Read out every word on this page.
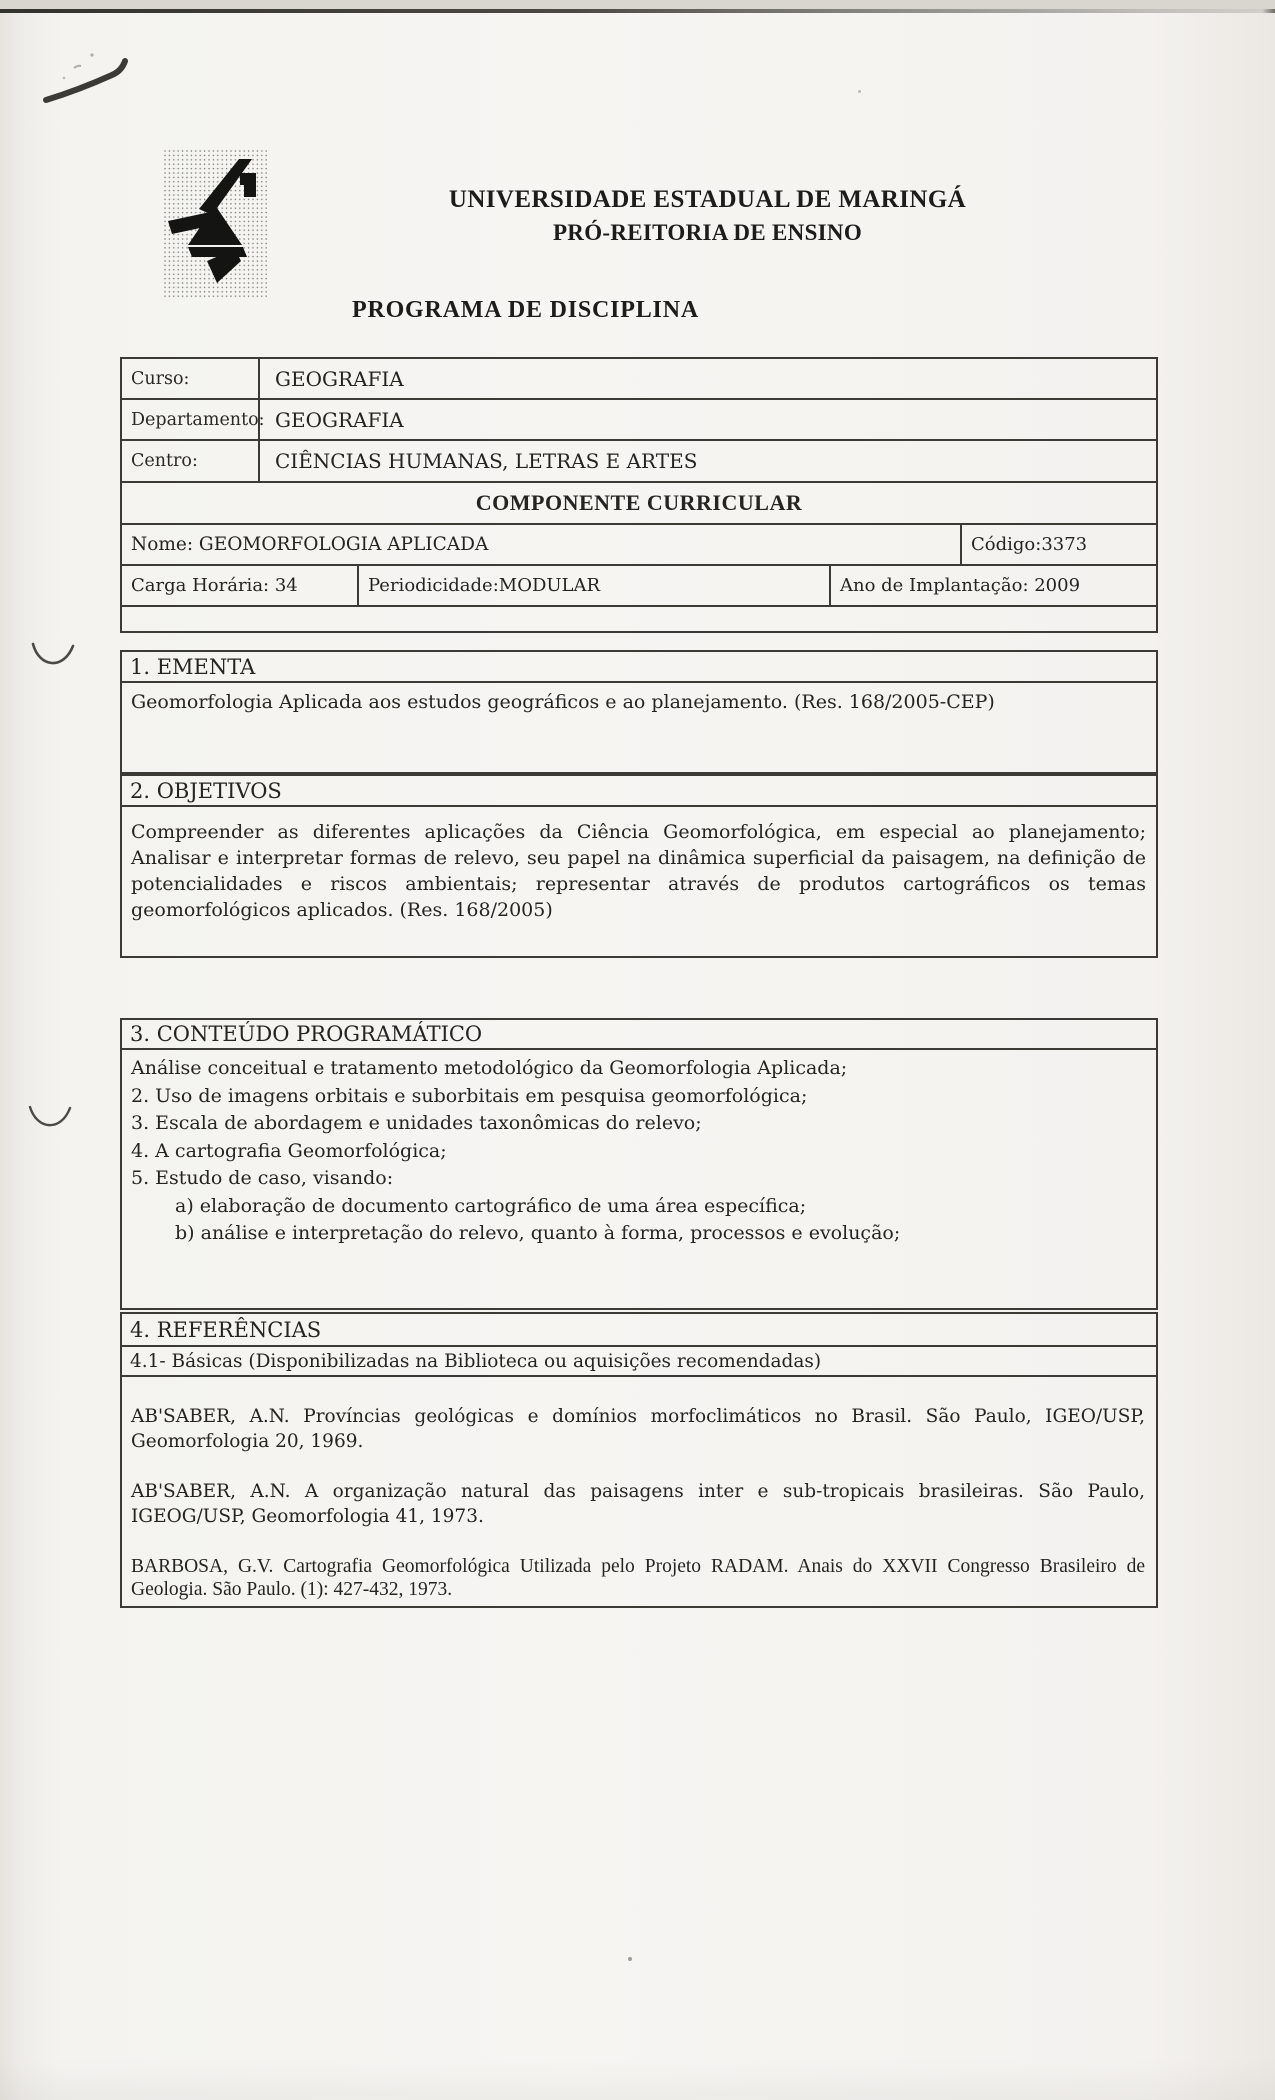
UNIVERSIDADE ESTADUAL DE MARINGÁ
PRÓ-REITORIA DE ENSINO
PROGRAMA DE DISCIPLINA
Curso:	GEOGRAFIA
Departamento: GEOGRAFIA
Centro:	CIÊNCIAS HUMANAS, LETRAS E ARTES
COMPONENTE CURRICULAR
Nome: GEOMORFOLOGIA APLICADA	Código:3373
Carga Horária: 34	Periodicidade:MODULAR	Ano de Implantação: 2009
1. EMENTA
Geomorfologia Aplicada aos estudos geográficos e ao planejamento. (Res. 168/2005-CEP)
2. OBJETIVOS
Compreender as diferentes aplicações da Ciência Geomorfológica, em especial ao planejamento; Analisar e interpretar formas de relevo, seu papel na dinâmica superficial da paisagem, na definição de potencialidades e riscos ambientais; representar através de produtos cartográficos os temas geomorfológicos aplicados. (Res. 168/2005)
3. CONTEÚDO PROGRAMÁTICO
Análise conceitual e tratamento metodológico da Geomorfologia Aplicada;
2. Uso de imagens orbitais e suborbitais em pesquisa geomorfológica;
3. Escala de abordagem e unidades taxonômicas do relevo;
4. A cartografia Geomorfológica;
5. Estudo de caso, visando:
a) elaboração de documento cartográfico de uma área específica;
b) análise e interpretação do relevo, quanto à forma, processos e evolução;
4. REFERÊNCIAS
4.1- Básicas (Disponibilizadas na Biblioteca ou aquisições recomendadas)

AB'SABER, A.N. Províncias geológicas e domínios morfoclimáticos no Brasil. São Paulo, IGEO/USP, Geomorfologia 20, 1969.

AB'SABER, A.N. A organização natural das paisagens inter e sub-tropicais brasileiras. São Paulo, IGEOG/USP, Geomorfologia 41, 1973.

BARBOSA, G.V. Cartografia Geomorfológica Utilizada pelo Projeto RADAM. Anais do XXVII Congresso Brasileiro de Geologia. São Paulo. (1): 427-432, 1973.
